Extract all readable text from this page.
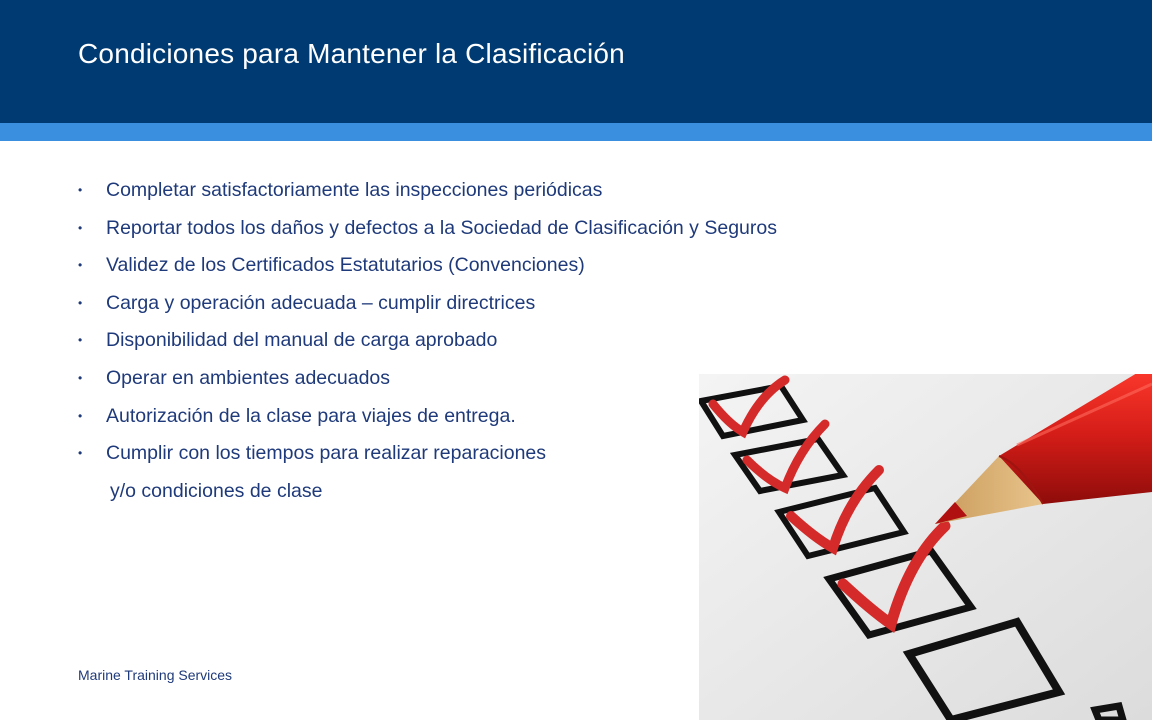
Condiciones para Mantener la Clasificación
• Completar satisfactoriamente las inspecciones periódicas
• Reportar todos los daños y defectos a la Sociedad de Clasificación y Seguros
• Validez de los Certificados Estatutarios (Convenciones)
• Carga y operación adecuada – cumplir directrices
• Disponibilidad del manual de carga aprobado
• Operar en ambientes adecuados
• Autorización de la clase para viajes de entrega.
• Cumplir con los tiempos para realizar reparaciones
y/o condiciones de clase
Marine Training Services
